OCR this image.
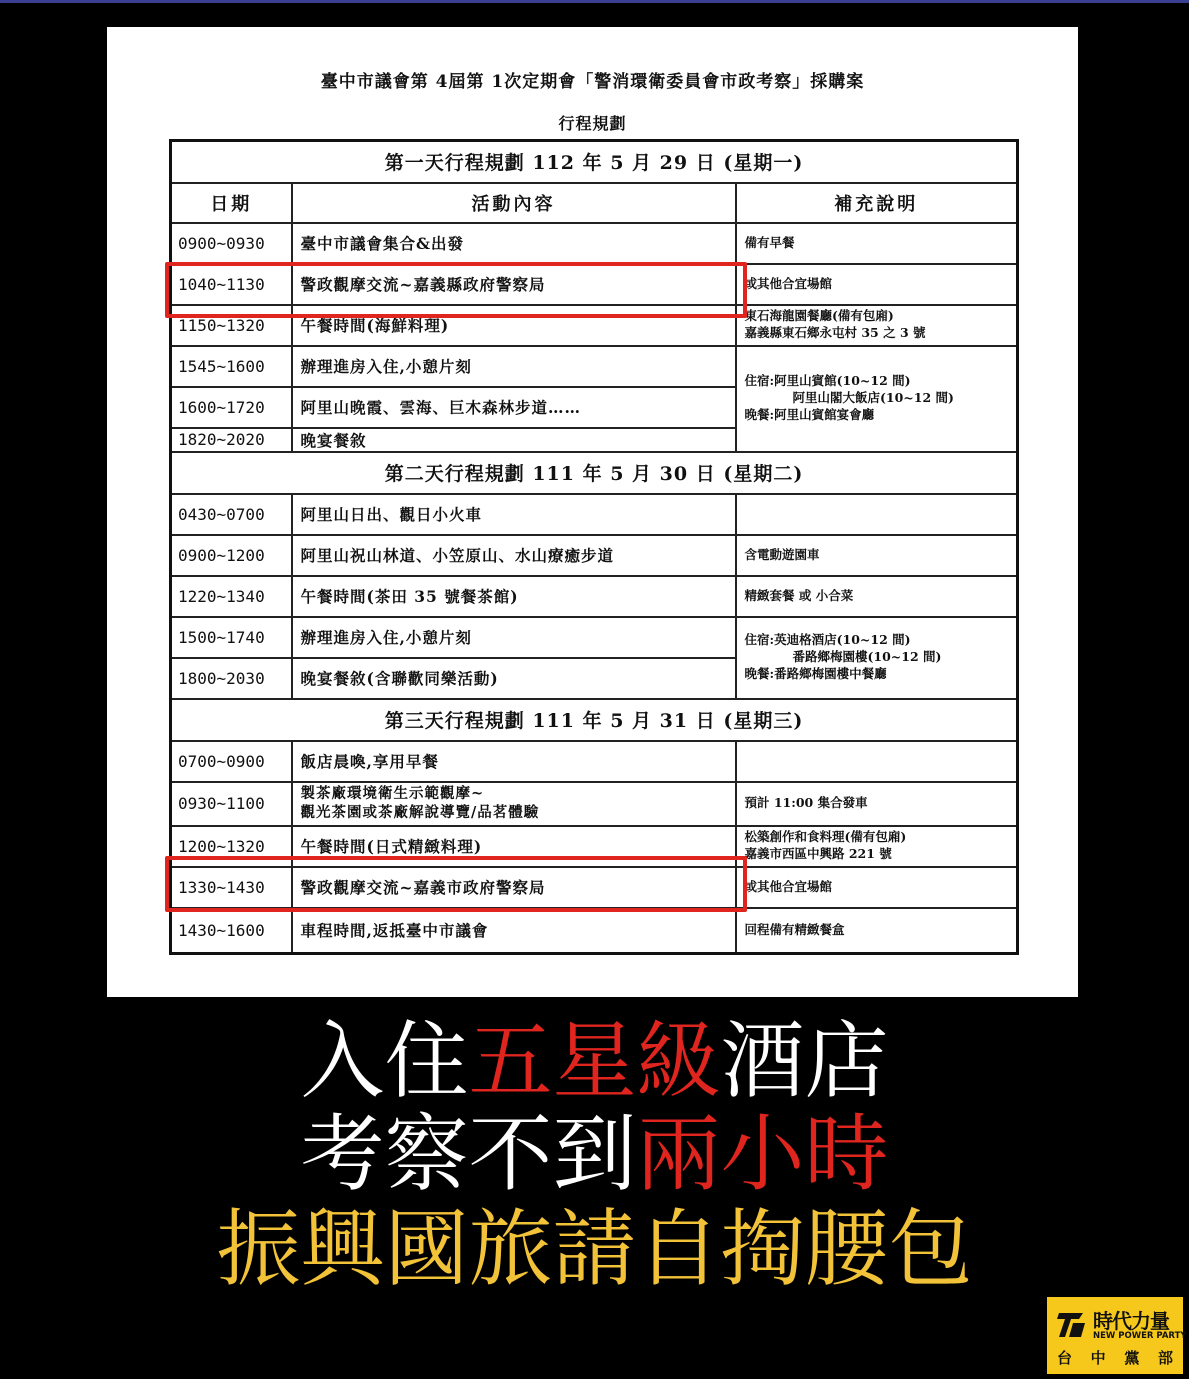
臺中市議會第 4屆第 1次定期會「警消環衛委員會市政考察」採購案
行程規劃
第一天行程規劃 112 年 5 月 29 日 (星期一)		
日期	活動內容	補充說明
0900~0930	臺中市議會集合&出發	備有早餐
1040~1130	警政觀摩交流~嘉義縣政府警察局	或其他合宜場館
1150~1320	午餐時間(海鮮料理)	東石海龍園餐廳(備有包廂)
嘉義縣東石鄉永屯村 35 之 3 號

1545~1600	辦理進房入住,小憩片刻	住宿:阿里山賓館(10~12 間)
阿里山閣大飯店(10~12 間)
晚餐:阿里山賓館宴會廳

1600~1720	阿里山晚霞、雲海、巨木森林步道……	
1820~2020	晚宴餐敘	
第二天行程規劃 111 年 5 月 30 日 (星期二)		
0430~0700	阿里山日出、觀日小火車	
0900~1200	阿里山祝山林道、小笠原山、水山療癒步道	含電動遊園車
1220~1340	午餐時間(茶田 35 號餐茶館)	精緻套餐 或 小合菜
1500~1740	辦理進房入住,小憩片刻	住宿:英迪格酒店(10~12 間)
番路鄉梅園樓(10~12 間)
晚餐:番路鄉梅園樓中餐廳

1800~2030	晚宴餐敘(含聯歡同樂活動)	
第三天行程規劃 111 年 5 月 31 日 (星期三)		
0700~0900	飯店晨喚,享用早餐	
0930~1100	製茶廠環境衛生示範觀摩~
觀光茶園或茶廠解說導覽/品茗體驗	預計 11:00 集合發車
1200~1320	午餐時間(日式精緻料理)	松築創作和食料理(備有包廂)
嘉義市西區中興路 221 號

1330~1430	警政觀摩交流~嘉義市政府警察局	或其他合宜場館
1430~1600	車程時間,返抵臺中市議會	回程備有精緻餐盒
入住五星級酒店
考察不到兩小時
振興國旅請自掏腰包
時代力量
NEW POWER PARTY
台 中 黨 部
